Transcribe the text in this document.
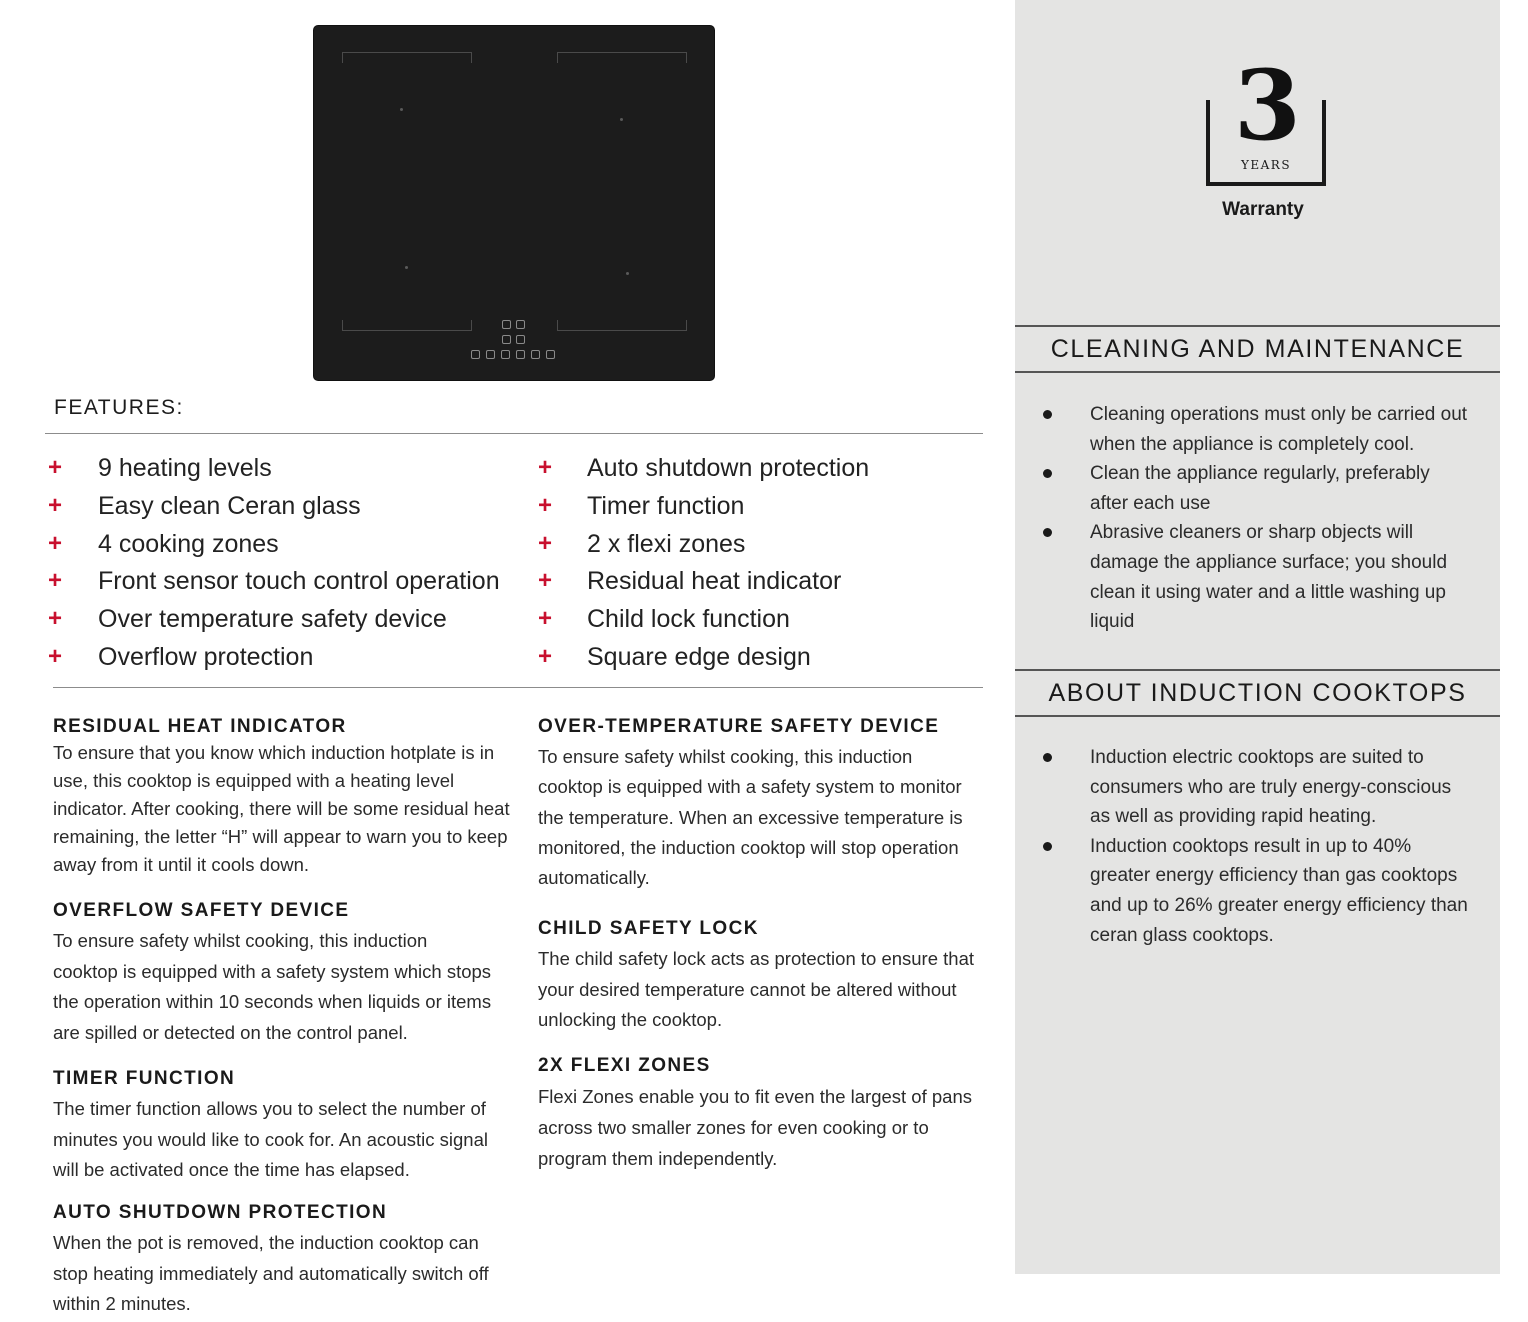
FEATURES:
+ 9 heating levels
+ Easy clean Ceran glass
+ 4 cooking zones
+ Front sensor touch control operation
+ Over temperature safety device
+ Overflow protection
+ Auto shutdown protection
+ Timer function
+ 2 x flexi zones
+ Residual heat indicator
+ Child lock function
+ Square edge design
RESIDUAL HEAT INDICATOR

To ensure that you know which induction hotplate is in use, this cooktop is equipped with a heating level indicator. After cooking, there will be some residual heat remaining, the letter “H” will appear to warn you to keep away from it until it cools down.

OVERFLOW SAFETY DEVICE

To ensure safety whilst cooking, this induction cooktop is equipped with a safety system which stops the operation within 10 seconds when liquids or items are spilled or detected on the control panel.

TIMER FUNCTION

The timer function allows you to select the number of minutes you would like to cook for. An acoustic signal will be activated once the time has elapsed.

AUTO SHUTDOWN PROTECTION

When the pot is removed, the induction cooktop can stop heating immediately and automatically switch off within 2 minutes.

OVER-TEMPERATURE SAFETY DEVICE

To ensure safety whilst cooking, this induction cooktop is equipped with a safety system to monitor the temperature. When an excessive temperature is monitored, the induction cooktop will stop operation automatically.

CHILD SAFETY LOCK

The child safety lock acts as protection to ensure that your desired temperature cannot be altered without unlocking the cooktop.

2X FLEXI ZONES

Flexi Zones enable you to fit even the largest of pans across two smaller zones for even cooking or to program them independently.

3
YEARS
Warranty
CLEANING AND MAINTENANCE
Cleaning operations must only be carried out when the appliance is completely cool.
Clean the appliance regularly, preferably after each use
Abrasive cleaners or sharp objects will damage the appliance surface; you should clean it using water and a little washing up liquid
ABOUT INDUCTION COOKTOPS
Induction electric cooktops are suited to consumers who are truly energy-conscious as well as providing rapid heating.
Induction cooktops result in up to 40% greater energy efficiency than gas cooktops and up to 26% greater energy efficiency than ceran glass cooktops.
